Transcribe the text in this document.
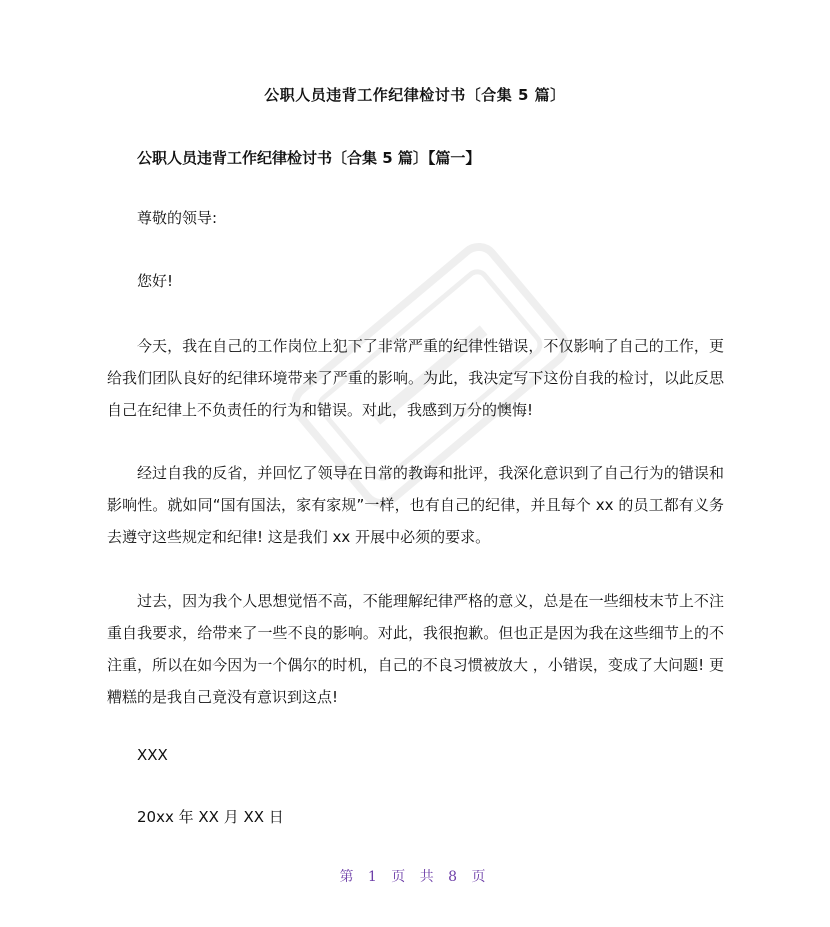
公职人员违背工作纪律检讨书〔合集 5 篇〕
公职人员违背工作纪律检讨书〔合集 5 篇〕【篇一】

尊敬的领导:

您好!

今天，我在自己的工作岗位上犯下了非常严重的纪律性错误，不仅影响了自己的工作，更给我们团队良好的纪律环境带来了严重的影响。为此，我决定写下这份自我的检讨，以此反思自己在纪律上不负责任的行为和错误。对此，我感到万分的懊悔!

经过自我的反省，并回忆了领导在日常的教诲和批评，我深化意识到了自己行为的错误和影响性。就如同“国有国法，家有家规”一样，也有自己的纪律，并且每个 xx 的员工都有义务去遵守这些规定和纪律! 这是我们 xx 开展中必须的要求。

过去，因为我个人思想觉悟不高，不能理解纪律严格的意义，总是在一些细枝末节上不注重自我要求，给带来了一些不良的影响。对此，我很抱歉。但也正是因为我在这些细节上的不注重，所以在如今因为一个偶尔的时机，自己的不良习惯被放大 ，小错误，变成了大问题! 更糟糕的是我自己竟没有意识到这点!

XXX

20xx 年 XX 月 XX 日

第 1 页 共 8 页
